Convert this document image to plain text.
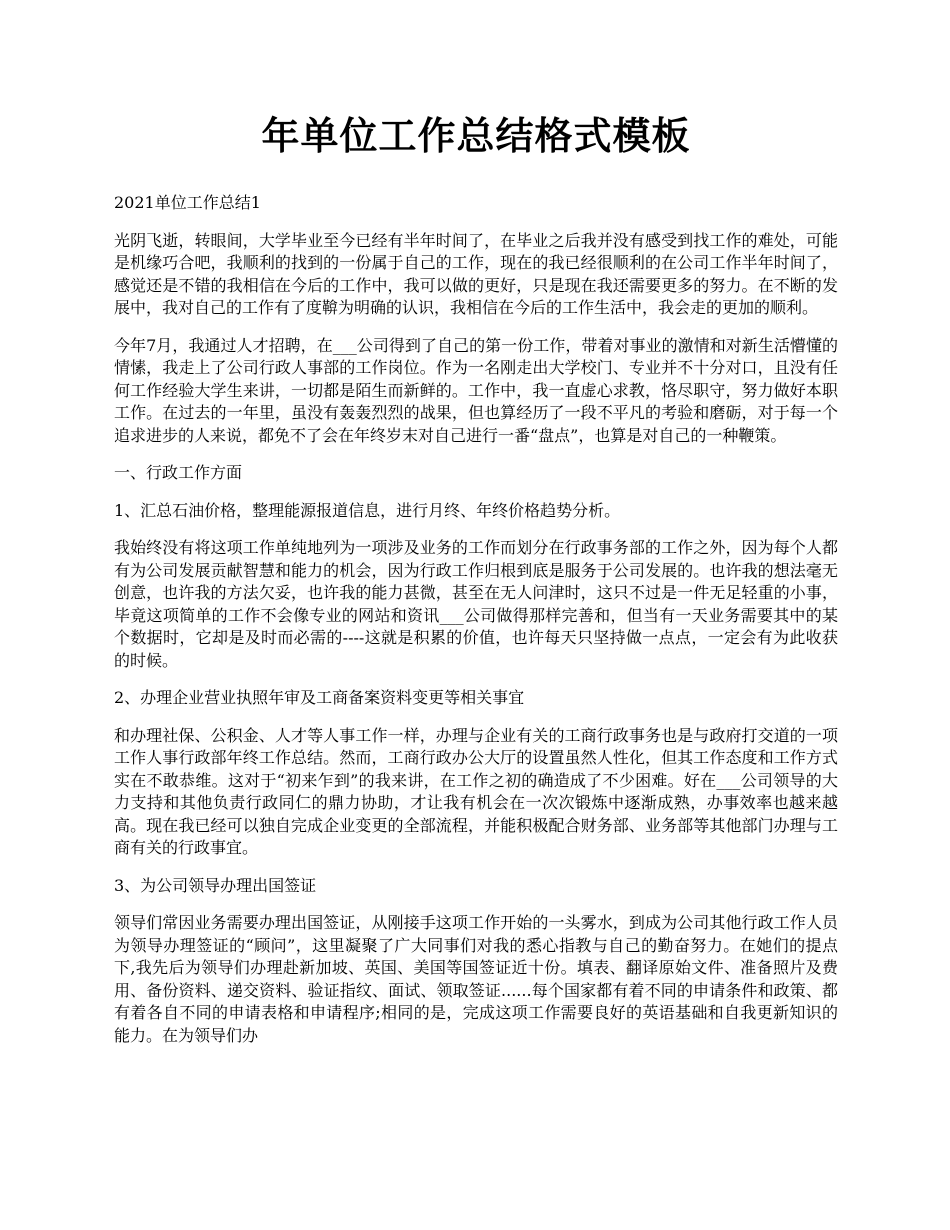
年单位工作总结格式模板

2021单位工作总结1

光阴飞逝，转眼间，大学毕业至今已经有半年时间了，在毕业之后我并没有感受到找工作的难处，可能是机缘巧合吧，我顺利的找到的一份属于自己的工作，现在的我已经很顺利的在公司工作半年时间了，感觉还是不错的我相信在今后的工作中，我可以做的更好，只是现在我还需要更多的努力。在不断的发展中，我对自己的工作有了度鞥为明确的认识，我相信在今后的工作生活中，我会走的更加的顺利。

今年7月，我通过人才招聘，在___公司得到了自己的第一份工作，带着对事业的激情和对新生活懵懂的情愫，我走上了公司行政人事部的工作岗位。作为一名刚走出大学校门、专业并不十分对口，且没有任何工作经验大学生来讲，一切都是陌生而新鲜的。工作中，我一直虚心求教，恪尽职守，努力做好本职工作。在过去的一年里，虽没有轰轰烈烈的战果，但也算经历了一段不平凡的考验和磨砺，对于每一个追求进步的人来说，都免不了会在年终岁末对自己进行一番“盘点”，也算是对自己的一种鞭策。

一、行政工作方面

1、汇总石油价格，整理能源报道信息，进行月终、年终价格趋势分析。

我始终没有将这项工作单纯地列为一项涉及业务的工作而划分在行政事务部的工作之外，因为每个人都有为公司发展贡献智慧和能力的机会，因为行政工作归根到底是服务于公司发展的。也许我的想法毫无创意，也许我的方法欠妥，也许我的能力甚微，甚至在无人问津时，这只不过是一件无足轻重的小事，毕竟这项简单的工作不会像专业的网站和资讯___公司做得那样完善和，但当有一天业务需要其中的某个数据时，它却是及时而必需的----这就是积累的价值，也许每天只坚持做一点点，一定会有为此收获的时候。

2、办理企业营业执照年审及工商备案资料变更等相关事宜

和办理社保、公积金、人才等人事工作一样，办理与企业有关的工商行政事务也是与政府打交道的一项工作人事行政部年终工作总结。然而，工商行政办公大厅的设置虽然人性化，但其工作态度和工作方式实在不敢恭维。这对于“初来乍到”的我来讲，在工作之初的确造成了不少困难。好在___公司领导的大力支持和其他负责行政同仁的鼎力协助，才让我有机会在一次次锻炼中逐渐成熟，办事效率也越来越高。现在我已经可以独自完成企业变更的全部流程，并能积极配合财务部、业务部等其他部门办理与工商有关的行政事宜。

3、为公司领导办理出国签证

领导们常因业务需要办理出国签证，从刚接手这项工作开始的一头雾水，到成为公司其他行政工作人员为领导办理签证的“顾问”，这里凝聚了广大同事们对我的悉心指教与自己的勤奋努力。在她们的提点下,我先后为领导们办理赴新加坡、英国、美国等国签证近十份。填表、翻译原始文件、准备照片及费用、备份资料、递交资料、验证指纹、面试、领取签证......每个国家都有着不同的申请条件和政策、都有着各自不同的申请表格和申请程序;相同的是，完成这项工作需要良好的英语基础和自我更新知识的能力。在为领导们办
